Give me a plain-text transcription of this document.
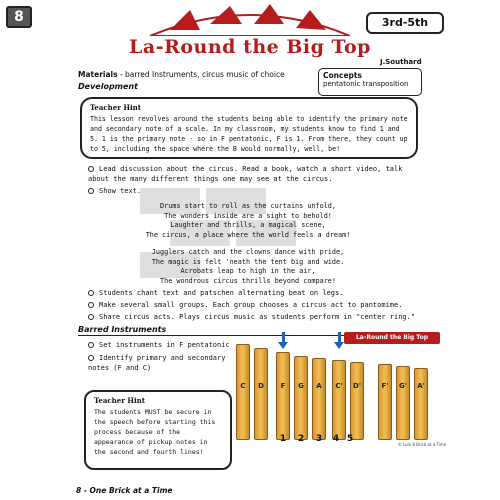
8
La-Round the Big Top
3rd-5th
J.Southard
Materials - barred Instruments, circus music of choice
Development
Concepts
pentatonic transposition
Teacher Hint

This lesson revolves around the students being able to identify the primary note and secondary note of a scale. In my classroom, my students know to find 1 and 5. 1 is the primary note - so in F pentatonic, F is 1. From there, they count up to 5, including the space where the B would normally, well, be!

Lead discussion about the circus. Read a book, watch a short video, talk about the many different things one may see at the circus.
Show text.
Drums start to roll as the curtains unfold,
The wonders inside are a sight to behold!
Laughter and thrills, a magical scene,
The circus, a place where the world feels a dream!
Jugglers catch and the clowns dance with pride,
The magic is felt 'neath the tent big and wide.
Acrobats leap to high in the air,
The wondrous circus thrills beyond compare!
Students chant text and patschen alternating beat on legs.
Make several small groups. Each group chooses a circus act to pantomime.
Share circus acts. Plays circus music as students perform in "center ring."
Barred Instruments
Set instruments in F pentatonic
Identify primary and secondary notes (F and C)
Teacher Hint

The students MUST be secure in the speech before starting this process because of the appearance of pickup notes in the second and fourth lines!

La-Round the Big Top
C	D	F	G	A	C'	D'	F'	G'	A'
1	2	3	4 5
© Lois 8 Brick at a Time
8 - One Brick at a Time
